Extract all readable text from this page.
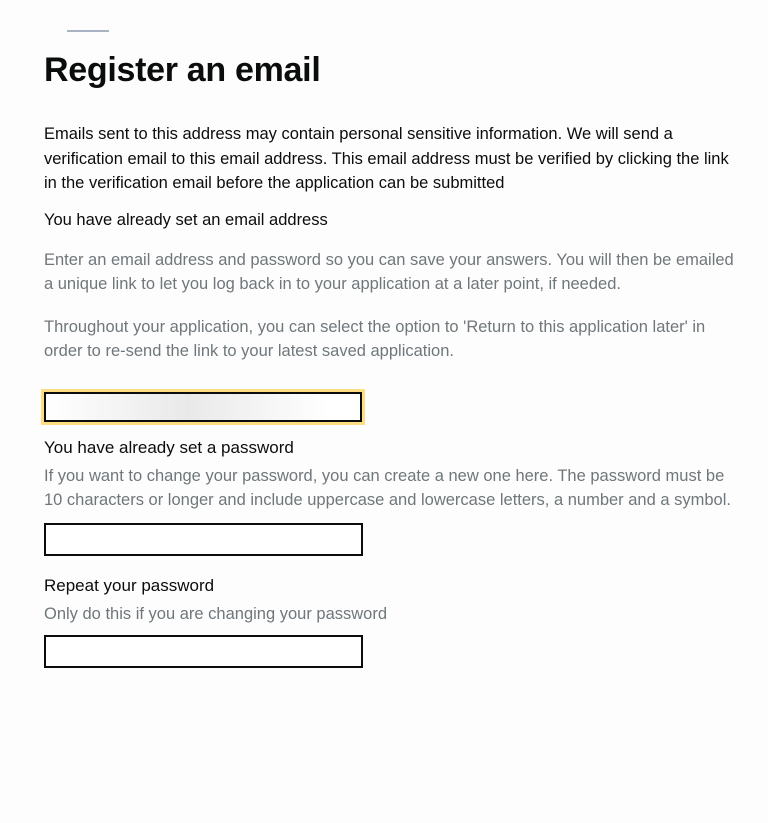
Register an email

Emails sent to this address may contain personal sensitive information. We will send a verification email to this email address. This email address must be verified by clicking the link in the verification email before the application can be submitted

You have already set an email address
Enter an email address and password so you can save your answers. You will then be emailed a unique link to let you log back in to your application at a later point, if needed.
Throughout your application, you can select the option to 'Return to this application later' in order to re-send the link to your latest saved application.
You have already set a password
If you want to change your password, you can create a new one here. The password must be 10 characters or longer and include uppercase and lowercase letters, a number and a symbol.
Repeat your password
Only do this if you are changing your password
